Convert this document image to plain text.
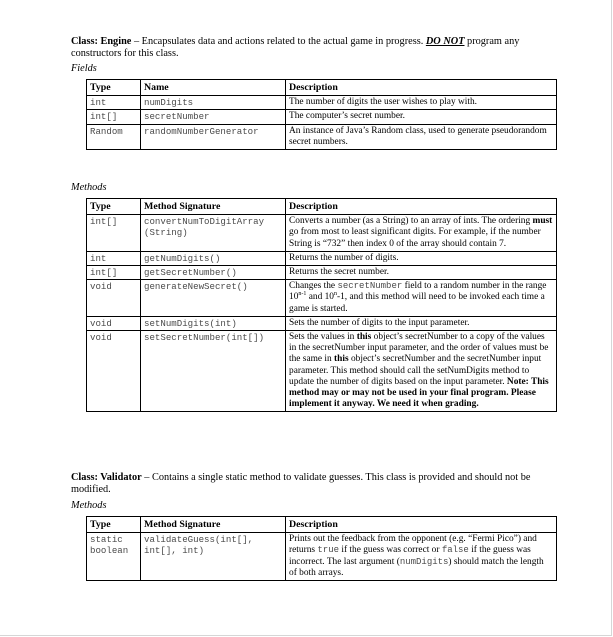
Class: Engine – Encapsulates data and actions related to the actual game in progress. DO NOT program any constructors for this class.
Fields
Type	Name	Description
int	numDigits	The number of digits the user wishes to play with.
int[]	secretNumber	The computer’s secret number.
Random	randomNumberGenerator	An instance of Java’s Random class, used to generate pseudorandom secret numbers.
Methods
Type	Method Signature	Description
int[]	convertNumToDigitArray (String)	Converts a number (as a String) to an array of ints. The ordering must go from most to least significant digits. For example, if the number String is “732” then index 0 of the array should contain 7.
int	getNumDigits()	Returns the number of digits.
int[]	getSecretNumber()	Returns the secret number.
void	generateNewSecret()	Changes the secretNumber field to a random number in the range 10$^{n-1}$ and 10$^n$-1, and this method will need to be invoked each time a game is started.
void	setNumDigits(int)	Sets the number of digits to the input parameter.
void	setSecretNumber(int[])	Sets the values in this object’s secretNumber to a copy of the values in the secretNumber input parameter, and the order of values must be the same in this object’s secretNumber and the secretNumber input parameter. This method should call the setNumDigits method to update the number of digits based on the input parameter. Note: This method may or may not be used in your final program. Please implement it anyway. We need it when grading.
Class: Validator – Contains a single static method to validate guesses. This class is provided and should not be modified.
Methods
Type	Method Signature	Description
static boolean	validateGuess(int[], int[], int)	Prints out the feedback from the opponent (e.g. “Fermi Pico”) and returns true if the guess was correct or false if the guess was incorrect. The last argument (numDigits) should match the length of both arrays.
